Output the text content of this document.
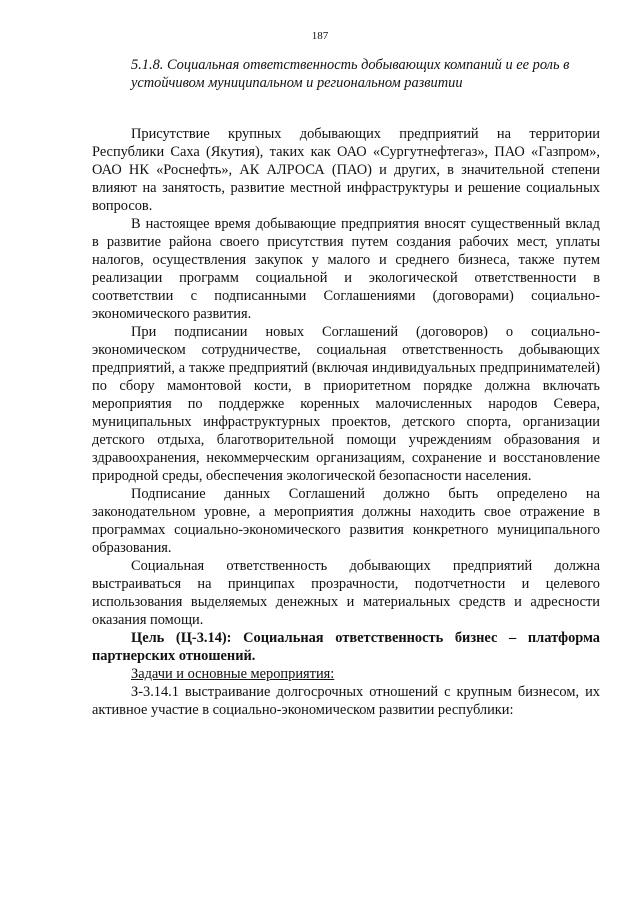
187
5.1.8. Социальная ответственность добывающих компаний и ее роль в устойчивом муниципальном и региональном развитии

Присутствие крупных добывающих предприятий на территории Республики Саха (Якутия), таких как ОАО «Сургутнефтегаз», ПАО «Газпром», ОАО НК «Роснефть», АК АЛРОСА (ПАО) и других, в значительной степени влияют на занятость, развитие местной инфраструктуры и решение социальных вопросов.

В настоящее время добывающие предприятия вносят существенный вклад в развитие района своего присутствия путем создания рабочих мест, уплаты налогов, осуществления закупок у малого и среднего бизнеса, также путем реализации программ социальной и экологической ответственности в соответствии с подписанными Соглашениями (договорами) социально-экономического развития.

При подписании новых Соглашений (договоров) о социально-экономическом сотрудничестве, социальная ответственность добывающих предприятий, а также предприятий (включая индивидуальных предпринимателей) по сбору мамонтовой кости, в приоритетном порядке должна включать мероприятия по поддержке коренных малочисленных народов Севера, муниципальных инфраструктурных проектов, детского спорта, организации детского отдыха, благотворительной помощи учреждениям образования и здравоохранения, некоммерческим организациям, сохранение и восстановление природной среды, обеспечения экологической безопасности населения.

Подписание данных Соглашений должно быть определено на законодательном уровне, а мероприятия должны находить свое отражение в программах социально-экономического развития конкретного муниципального образования.

Социальная ответственность добывающих предприятий должна выстраиваться на принципах прозрачности, подотчетности и целевого использования выделяемых денежных и материальных средств и адресности оказания помощи.

Цель (Ц-3.14): Социальная ответственность бизнес – платформа партнерских отношений.

Задачи и основные мероприятия:

З-3.14.1 выстраивание долгосрочных отношений с крупным бизнесом, их активное участие в социально-экономическом развитии республики:
